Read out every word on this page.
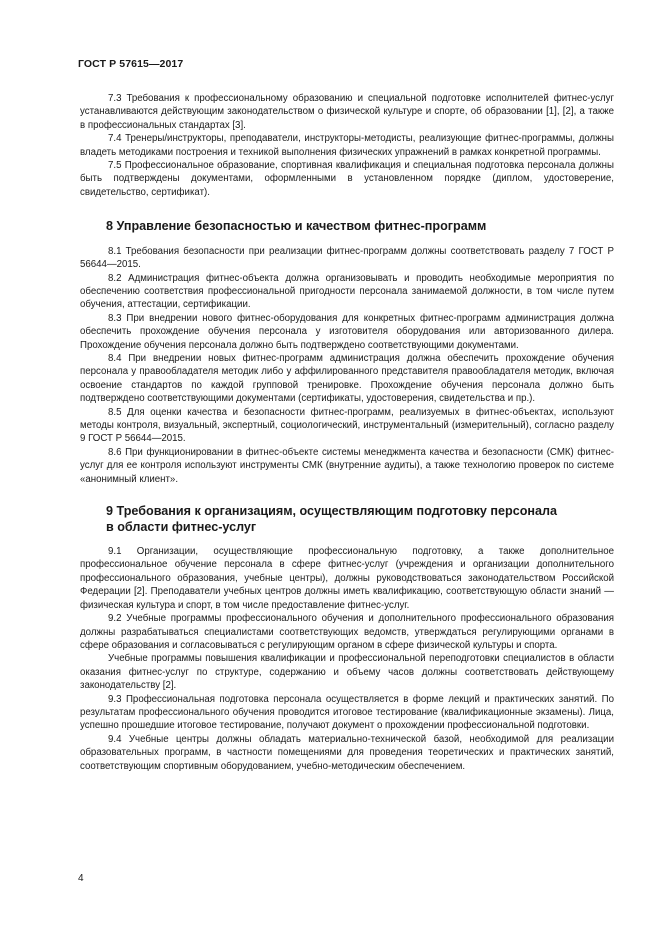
ГОСТ Р 57615—2017

7.3 Требования к профессиональному образованию и специальной подготовке исполнителей фитнес-услуг устанавливаются действующим законодательством о физической культуре и спорте, об образовании [1], [2], а также в профессиональных стандартах [3].

7.4 Тренеры/инструкторы, преподаватели, инструкторы-методисты, реализующие фитнес-программы, должны владеть методиками построения и техникой выполнения физических упражнений в рамках конкретной программы.

7.5 Профессиональное образование, спортивная квалификация и специальная подготовка персонала должны быть подтверждены документами, оформленными в установленном порядке (диплом, удостоверение, свидетельство, сертификат).

8 Управление безопасностью и качеством фитнес-программ

8.1 Требования безопасности при реализации фитнес-программ должны соответствовать разделу 7 ГОСТ Р 56644—2015.

8.2 Администрация фитнес-объекта должна организовывать и проводить необходимые мероприятия по обеспечению соответствия профессиональной пригодности персонала занимаемой должности, в том числе путем обучения, аттестации, сертификации.

8.3 При внедрении нового фитнес-оборудования для конкретных фитнес-программ администрация должна обеспечить прохождение обучения персонала у изготовителя оборудования или авторизованного дилера. Прохождение обучения персонала должно быть подтверждено соответствующими документами.

8.4 При внедрении новых фитнес-программ администрация должна обеспечить прохождение обучения персонала у правообладателя методик либо у аффилированного представителя правообладателя методик, включая освоение стандартов по каждой групповой тренировке. Прохождение обучения персонала должно быть подтверждено соответствующими документами (сертификаты, удостоверения, свидетельства и пр.).

8.5 Для оценки качества и безопасности фитнес-программ, реализуемых в фитнес-объектах, используют методы контроля, визуальный, экспертный, социологический, инструментальный (измерительный), согласно разделу 9 ГОСТ Р 56644—2015.

8.6 При функционировании в фитнес-объекте системы менеджмента качества и безопасности (СМК) фитнес-услуг для ее контроля используют инструменты СМК (внутренние аудиты), а также технологию проверок по системе «анонимный клиент».

9 Требования к организациям, осуществляющим подготовку персонала
в области фитнес-услуг

9.1 Организации, осуществляющие профессиональную подготовку, а также дополнительное профессиональное обучение персонала в сфере фитнес-услуг (учреждения и организации дополнительного профессионального образования, учебные центры), должны руководствоваться законодательством Российской Федерации [2]. Преподаватели учебных центров должны иметь квалификацию, соответствующую области знаний — физическая культура и спорт, в том числе предоставление фитнес-услуг.

9.2 Учебные программы профессионального обучения и дополнительного профессионального образования должны разрабатываться специалистами соответствующих ведомств, утверждаться регулирующими органами в сфере образования и согласовываться с регулирующим органом в сфере физической культуры и спорта.

Учебные программы повышения квалификации и профессиональной переподготовки специалистов в области оказания фитнес-услуг по структуре, содержанию и объему часов должны соответствовать действующему законодательству [2].

9.3 Профессиональная подготовка персонала осуществляется в форме лекций и практических занятий. По результатам профессионального обучения проводится итоговое тестирование (квалификационные экзамены). Лица, успешно прошедшие итоговое тестирование, получают документ о прохождении профессиональной подготовки.

9.4 Учебные центры должны обладать материально-технической базой, необходимой для реализации образовательных программ, в частности помещениями для проведения теоретических и практических занятий, соответствующим спортивным оборудованием, учебно-методическим обеспечением.

4
